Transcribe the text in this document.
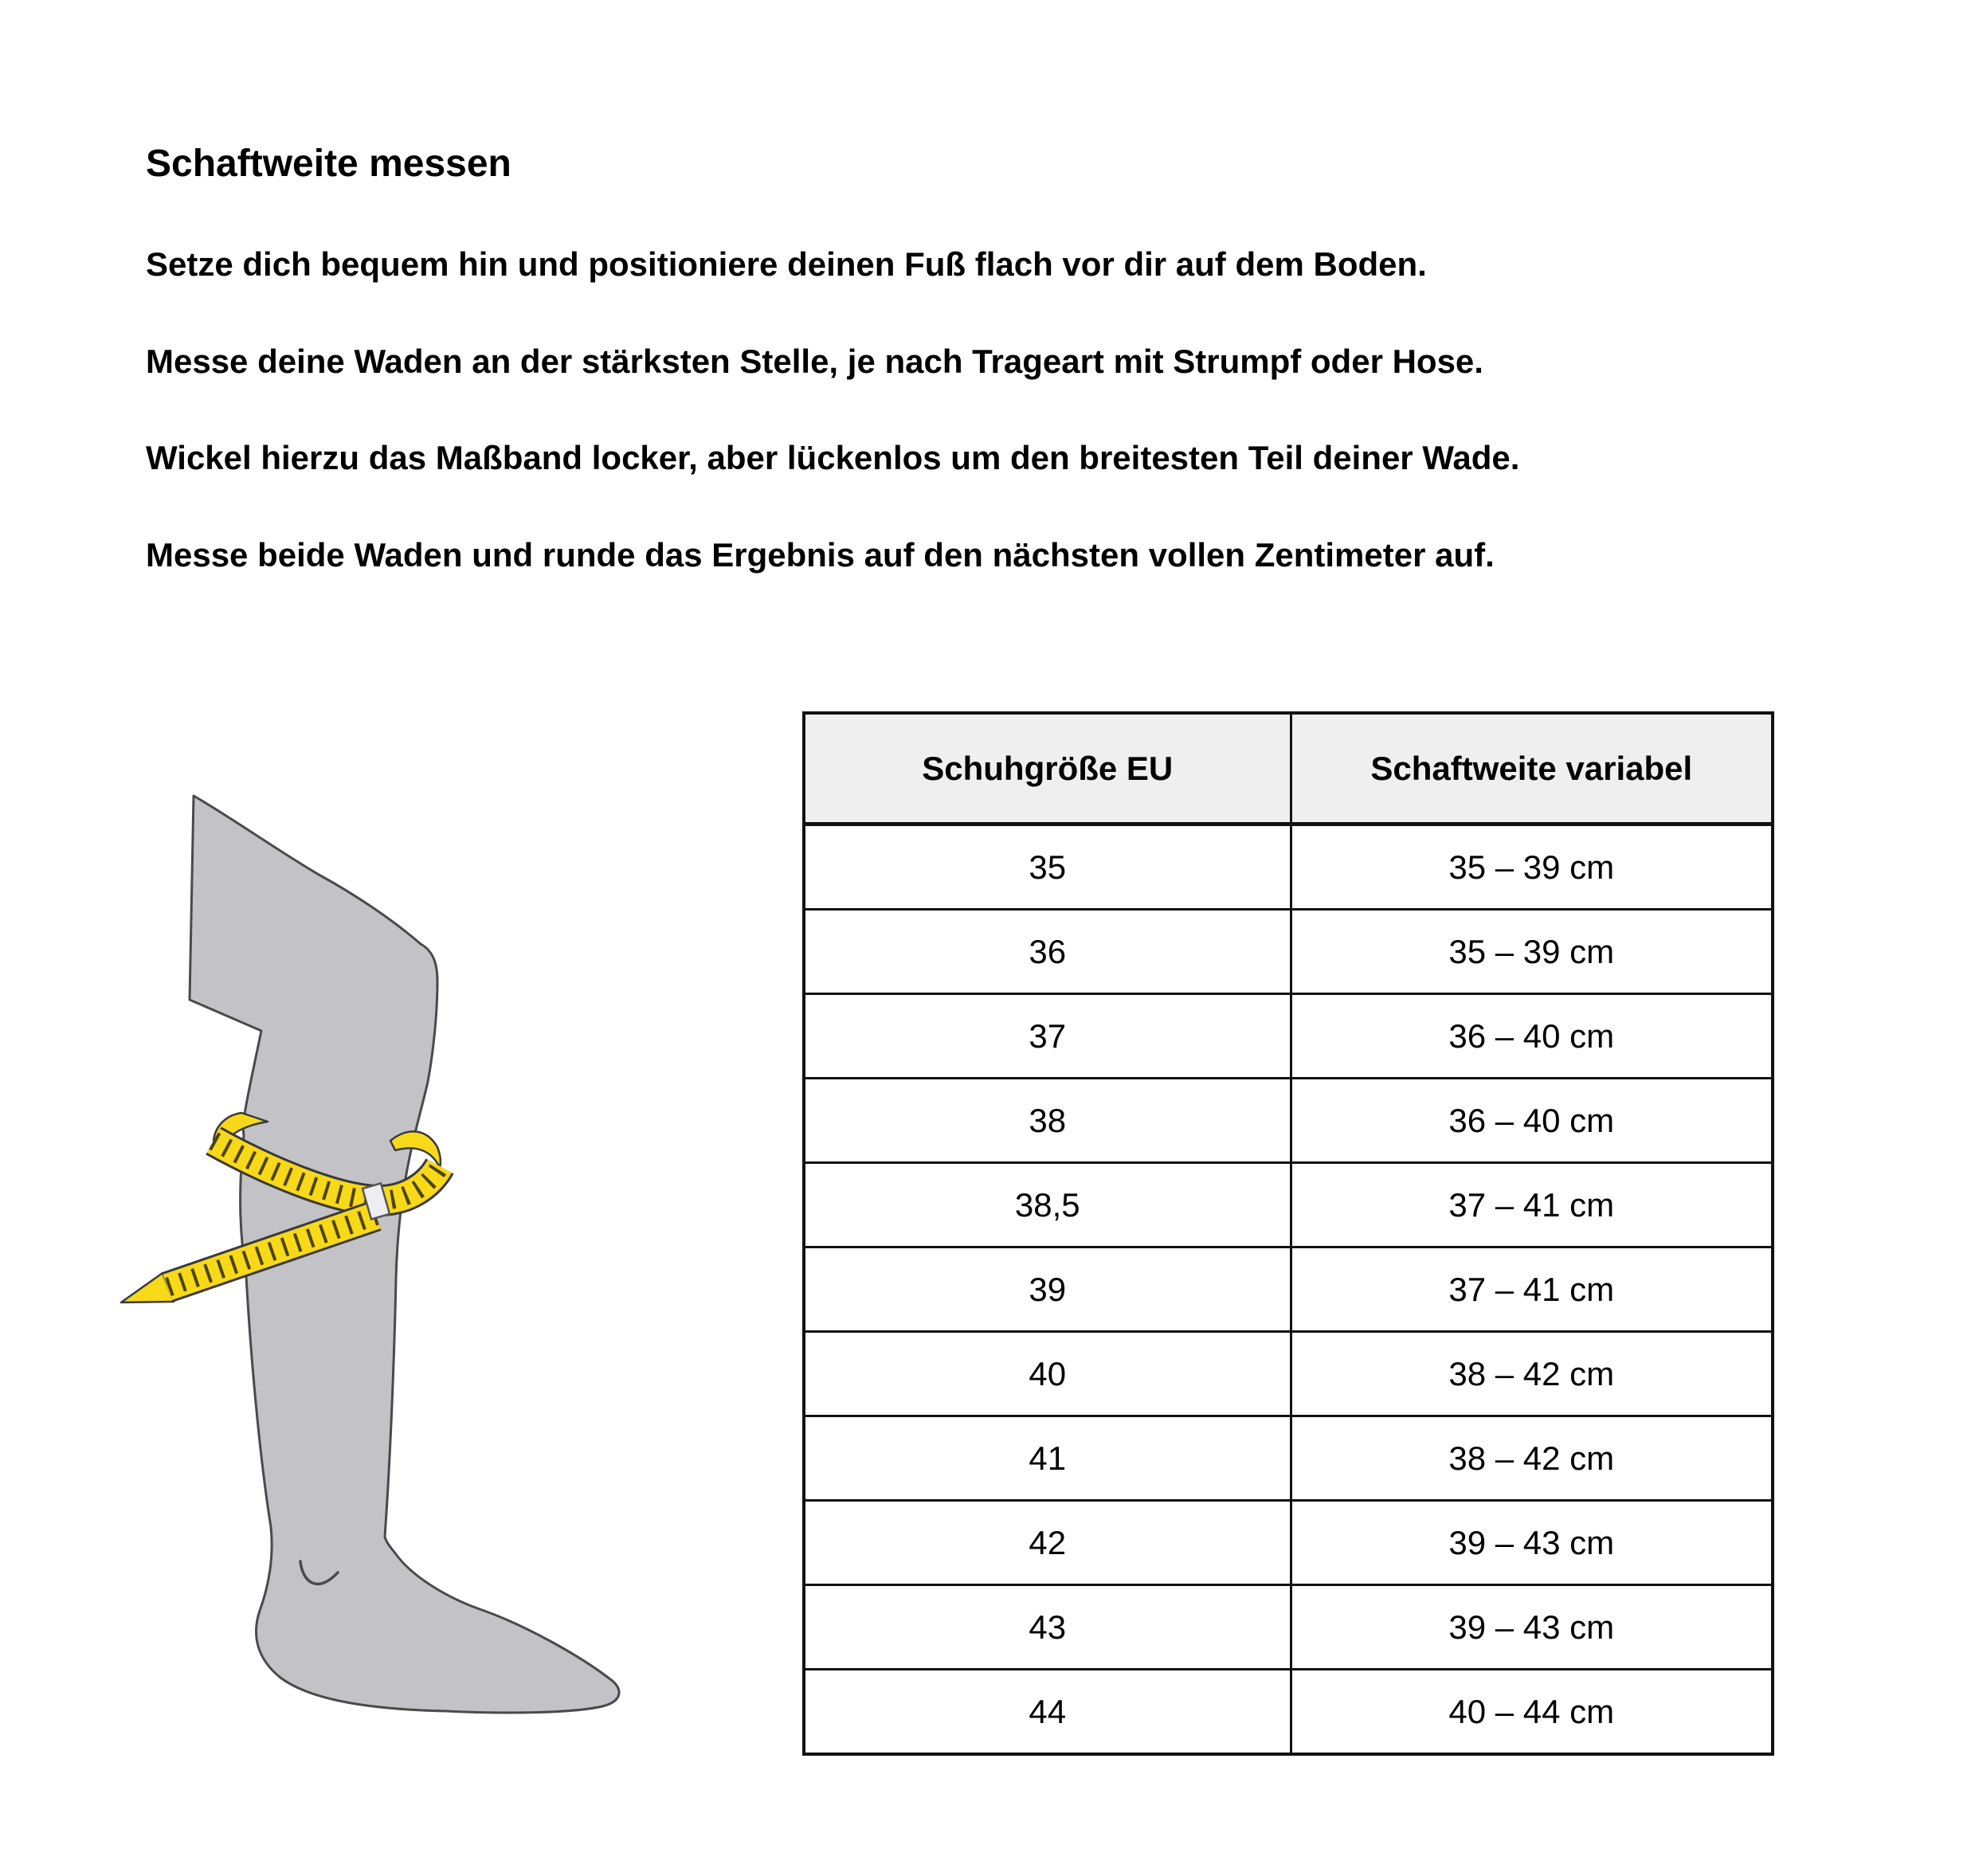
Schaftweite messen
Setze dich bequem hin und positioniere deinen Fuß flach vor dir auf dem Boden.
Messe deine Waden an der stärksten Stelle, je nach Trageart mit Strumpf oder Hose.
Wickel hierzu das Maßband locker, aber lückenlos um den breitesten Teil deiner Wade.
Messe beide Waden und runde das Ergebnis auf den nächsten vollen Zentimeter auf.
Schuhgröße EU	Schaftweite variabel
35	35 – 39 cm
36	35 – 39 cm
37	36 – 40 cm
38	36 – 40 cm
38,5	37 – 41 cm
39	37 – 41 cm
40	38 – 42 cm
41	38 – 42 cm
42	39 – 43 cm
43	39 – 43 cm
44	40 – 44 cm
